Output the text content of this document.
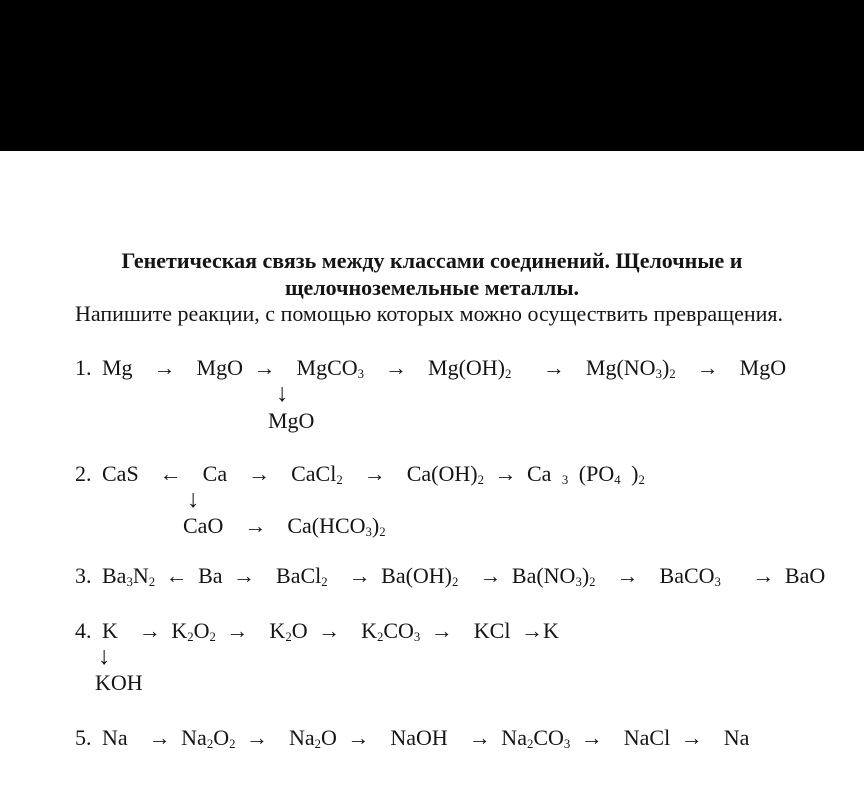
Генетическая связь между классами соединений. Щелочные и
щелочноземельные металлы.
Напишите реакции, с помощью которых можно осуществить превращения.
1. Mg  →  MgO →  MgCO$_3$  →  $Mg(OH)_2 \to Mg(NO_3)_2$  →  MgO
↓
MgO
2. CaS  ←  Ca  →  CaCl$_2$  →  $Ca(OH)_2 \to Ca$ $_3$ ($PO_4$ )$_2$
↓
CaO  →  $Ca(HCO_3)_2$
3. $Ba_3N_2$ ← Ba →  BaCl$_2$  → $Ba(OH)_2 \to Ba(NO_3)_2$  →  BaCO$_3$   → BaO
4. $K \to K_2O_2 \to K_2O \to K_2CO_3$ →  KCl →K
↓
KOH
5. $Na \to Na_2O_2 \to Na_2O$ →  NaOH  → $Na_2CO_3$ →  NaCl →  Na
